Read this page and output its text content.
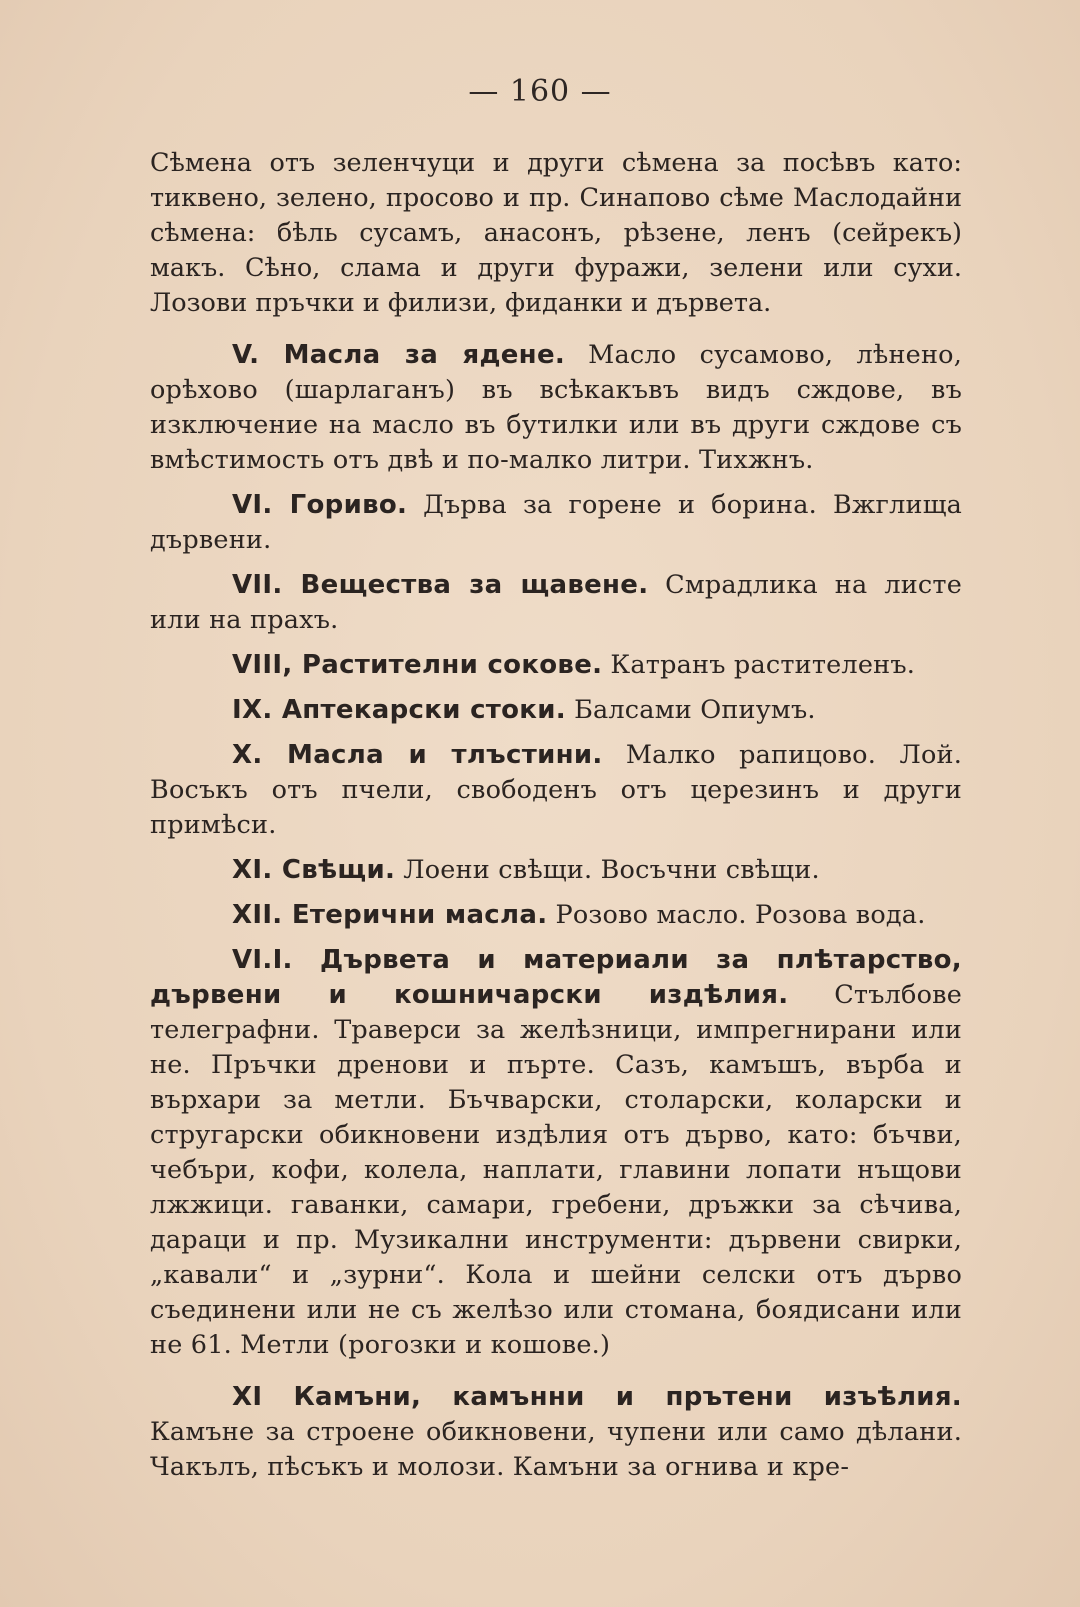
— 160 —

Сѣмена отъ зеленчуци и други сѣмена за посѣвъ като: тиквено, зелено, просово и пр. Синапово сѣме Маслодайни сѣмена: бѣль сусамъ, анасонъ, рѣзене, ленъ (сейрекъ) макъ. Сѣно, слама и други фуражи, зелени или сухи. Лозови пръчки и филизи, фиданки и дървета.

V. Масла за ядене. Масло сусамово, лѣнено, орѣхово (шарлаганъ) въ всѣкакъвъ видъ сждове, въ изключение на масло въ бутилки или въ други сждове съ вмѣстимость отъ двѣ и по-малко литри. Тихжнъ.

VI. Гориво. Дърва за горене и борина. Вжглища дървени.

VII. Вещества за щавене. Смрадлика на листе или на прахъ.

VIII, Растителни сокове. Катранъ растителенъ.

IX. Аптекарски стоки. Балсами Опиумъ.

X. Масла и тлъстини. Малко рапицово. Лой. Восъкъ отъ пчели, свободенъ отъ церезинъ и други примѣси.

XI. Свѣщи. Лоени свѣщи. Восъчни свѣщи.

XII. Етерични масла. Розово масло. Розова вода.

VI.I. Дървета и материали за плѣтарство, дървени и кошничарски издѣлия. Стълбове телеграфни. Траверси за желѣзници, импрегнирани или не. Пръчки дренови и пърте. Сазъ, камъшъ, върба и върхари за метли. Бъчварски, столарски, коларски и стругарски обикновени издѣлия отъ дърво, като: бъчви, чебъри, кофи, колела, наплати, главини лопати нъщови лжжици. гаванки, самари, гребени, дръжки за сѣчива, дараци и пр. Музикални инструменти: дървени свирки, „кавали“ и „зурни“. Кола и шейни селски отъ дърво съединени или не съ желѣзо или стомана, боядисани или не 61. Метли (рогозки и кошове.)

XI Камъни, камънни и прътени изъѣлия. Камъне за строене обикновени, чупени или само дѣлани. Чакълъ, пѣсъкъ и молози. Камъни за огнива и кре-
